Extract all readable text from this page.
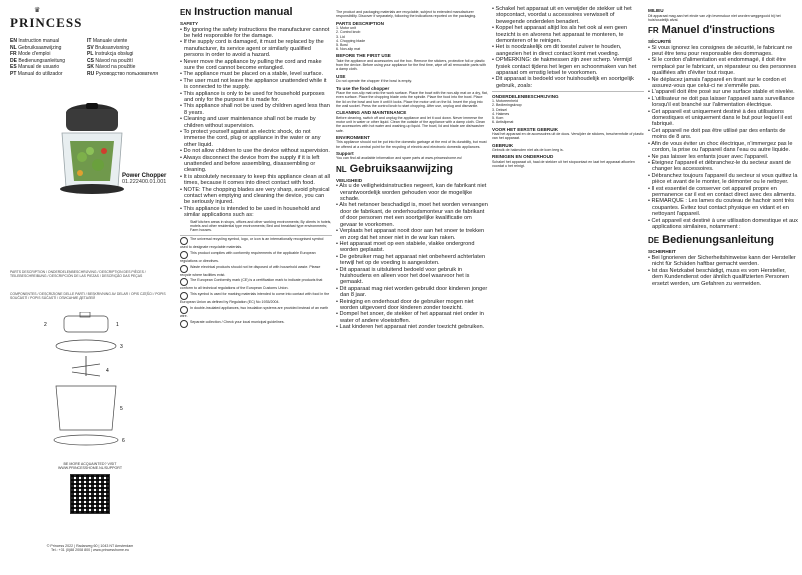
♛
PRINCESS
EN Instruction manual	IT Manuale utente
NL Gebruiksaanwijzing	SV Bruksanvisning
FR Mode d'emploi	PL Instrukcja obsługi
DE Bedienungsanleitung	CS Návod na použití
ES Manual de usuario	SK Návod na použitie
PT Manual do utilizador	RU Руководство пользователя
Power Chopper
01.222400.01.001
PARTS DESCRIPTION / ONDERDELENBESCHRIJVING / DESCRIPTION DES PIÈCES / TEILEBESCHREIBUNG / DESCRIPCIÓN DE LAS PIEZAS / DESCRIÇÃO DAS PEÇAS
COMPONENTES / DESCRIZIONE DELLE PARTI / BESKRIVNING AV DELAR / OPIS CZĘŚCI / POPIS SOUČÁSTÍ / POPIS SÚČASTÍ / ОПИСАНИЕ ДЕТАЛЕЙ
1
2
3
4
5
6
BE MORE ACQUAINTED? VISIT
WWW.PRINCESSHOME.NL/SUPPORT
© Princess 2022 | Radarweg 60 | 1043 NT Amsterdam
Tel.: +31 (0)88 2008 800 | www.princesshome.eu
EN Instruction manual
SAFETY

• By ignoring the safety instructions the manufacturer cannot be held responsible for the damage.

• If the supply cord is damaged, it must be replaced by the manufacturer, its service agent or similarly qualified persons in order to avoid a hazard.

• Never move the appliance by pulling the cord and make sure the cord cannot become entangled.

• The appliance must be placed on a stable, level surface.

• The user must not leave the appliance unattended while it is connected to the supply.

• This appliance is only to be used for household purposes and only for the purpose it is made for.

• This appliance shall not be used by children aged less than 8 years.

• Cleaning and user maintenance shall not be made by children without supervision.

• To protect yourself against an electric shock, do not immerse the cord, plug or appliance in the water or any other liquid.

• Do not allow children to use the device without supervision.

• Always disconnect the device from the supply if it is left unattended and before assembling, disassembling or cleaning.

• It is absolutely necessary to keep this appliance clean at all times, because it comes into direct contact with food.

• NOTE: The chopping blades are very sharp, avoid physical contact when emptying and cleaning the device, you can be seriously injured.

• This appliance is intended to be used in household and similar applications such as:

Staff kitchen areas in shops, offices and other working environments; By clients in hotels, motels and other residential type environments; Bed and breakfast type environments; Farm houses.

The universal recycling symbol, logo, or icon is an internationally recognised symbol used to designate recyclable materials.

This product complies with conformity requirements of the applicable European regulations or directives.

Waste electrical products should not be disposed of with household waste. Please recycle where facilities exist.

The European Conformity mark (CE) is a certification mark to indicate products that conform to all technical regulations of the European Customs Union.

This symbol is used for marking materials intended to come into contact with food in the European Union as defined by Regulation (EC) No 1935/2004.

In double-insulated appliances, two insulation systems are provided instead of an earth wire.

Separate collection / Check your local municipal guidelines.

The product and packaging materials are recyclable, subject to extended manufacturer responsibility. Discover if separately, following the indications reported on the packaging.
PARTS DESCRIPTION
1. Motor unit
2. Control knob
3. Lid
4. Chopping blade
5. Bowl
6. Non-slip mat
BEFORE THE FIRST USE
Take the appliance and accessories out the box. Remove the stickers, protective foil or plastic from the device. Before using your appliance for the first time, wipe off all removable parts with a damp cloth.
USE
Do not operate the chopper if the bowl is empty.
To use the food chopper
Place the non-slip mat onto the work surface. Place the bowl with the non-slip mat on a dry, flat, even surface. Place the chopping blade onto the spindle. Place the food into the bowl. Place the lid on the bowl and turn it until it locks. Place the motor unit on the lid. Insert the plug into the wall socket. Press the control knob to start chopping. After use, unplug and dismantle.
CLEANING AND MAINTENANCE
Before cleaning, switch off and unplug the appliance and let it cool down. Never immerse the motor unit in water or other liquid. Clean the outside of the appliance with a damp cloth. Clean the accessories with hot water and washing-up liquid. The bowl, lid and blade are dishwasher safe.
ENVIRONMENT
This appliance should not be put into the domestic garbage at the end of its durability, but must be offered at a central point for the recycling of electric and electronic domestic appliances.
Support
You can find all available information and spare parts at www.princesshome.eu!
NL Gebruiksaanwijzing
VEILIGHEID

• Als u de veiligheidsinstructies negeert, kan de fabrikant niet verantwoordelijk worden gehouden voor de mogelijke schade.

• Als het netsnoer beschadigd is, moet het worden vervangen door de fabrikant, de onderhoudsmonteur van de fabrikant of door personen met een soortgelijke kwalificatie om gevaar te voorkomen.

• Verplaats het apparaat nooit door aan het snoer te trekken en zorg dat het snoer niet in de war kan raken.

• Het apparaat moet op een stabiele, vlakke ondergrond worden geplaatst.

• De gebruiker mag het apparaat niet onbeheerd achterlaten terwijl het op de voeding is aangesloten.

• Dit apparaat is uitsluitend bedoeld voor gebruik in huishoudens en alleen voor het doel waarvoor het is gemaakt.

• Dit apparaat mag niet worden gebruikt door kinderen jonger dan 8 jaar.

• Reiniging en onderhoud door de gebruiker mogen niet worden uitgevoerd door kinderen zonder toezicht.

• Dompel het snoer, de stekker of het apparaat niet onder in water of andere vloeistoffen.

• Laat kinderen het apparaat niet zonder toezicht gebruiken.

• Schakel het apparaat uit en verwijder de stekker uit het stopcontact, voordat u accessoires verwisselt of bewegende onderdelen benadert.

• Koppel het apparaat altijd los als het ook al een geen toezicht is en alvorens het apparaat te monteren, te demonteren of te reinigen.

• Het is noodzakelijk om dit toestel zuiver te houden, aangezien het in direct contact komt met voeding.

• OPMERKING: de hakmessen zijn zeer scherp. Vermijd fysiek contact tijdens het legen en schoonmaken van het apparaat om ernstig letsel te voorkomen.

• Dit apparaat is bedoeld voor huishoudelijk en soortgelijk gebruik, zoals:

ONDERDELENBESCHRIJVING
1. Motoreenheid
2. Bedieningsknop
3. Deksel
4. Hakmes
5. Kom
6. Antislipmat
VOOR HET EERSTE GEBRUIK
Haal het apparaat en de accessoires uit de doos. Verwijder de stickers, beschermfolie of plastic van het apparaat.
GEBRUIK
Gebruik de hakmolen niet als de kom leeg is.
REINIGEN EN ONDERHOUD
Schakel het apparaat uit, haal de stekker uit het stopcontact en laat het apparaat afkoelen voordat u het reinigt.
MILIEU
Dit apparaat mag aan het einde van zijn levensduur niet worden weggegooid bij het huishoudelijk afval.
FR Manuel d'instructions
SÉCURITÉ

• Si vous ignorez les consignes de sécurité, le fabricant ne peut être tenu pour responsable des dommages.

• Si le cordon d'alimentation est endommagé, il doit être remplacé par le fabricant, un réparateur ou des personnes qualifiées afin d'éviter tout risque.

• Ne déplacez jamais l'appareil en tirant sur le cordon et assurez-vous que celui-ci ne s'emmêle pas.

• L'appareil doit être posé sur une surface stable et nivelée.

• L'utilisateur ne doit pas laisser l'appareil sans surveillance lorsqu'il est branché sur l'alimentation électrique.

• Cet appareil est uniquement destiné à des utilisations domestiques et uniquement dans le but pour lequel il est fabriqué.

• Cet appareil ne doit pas être utilisé par des enfants de moins de 8 ans.

• Afin de vous éviter un choc électrique, n'immergez pas le cordon, la prise ou l'appareil dans l'eau ou autre liquide.

• Ne pas laisser les enfants jouer avec l'appareil.

• Éteignez l'appareil et débranchez-le du secteur avant de changer les accessoires.

• Débranchez toujours l'appareil du secteur si vous quittez la pièce et avant de le monter, le démonter ou le nettoyer.

• Il est essentiel de conserver cet appareil propre en permanence car il est en contact direct avec des aliments.

• REMARQUE : Les lames du couteau de hachoir sont très coupantes. Évitez tout contact physique en vidant et en nettoyant l'appareil.

• Cet appareil est destiné à une utilisation domestique et aux applications similaires, notamment :

DE Bedienungsanleitung
SICHERHEIT

• Bei Ignorieren der Sicherheitshinweise kann der Hersteller nicht für Schäden haftbar gemacht werden.

• Ist das Netzkabel beschädigt, muss es vom Hersteller, dem Kundendienst oder ähnlich qualifizierten Personen ersetzt werden, um Gefahren zu vermeiden.
